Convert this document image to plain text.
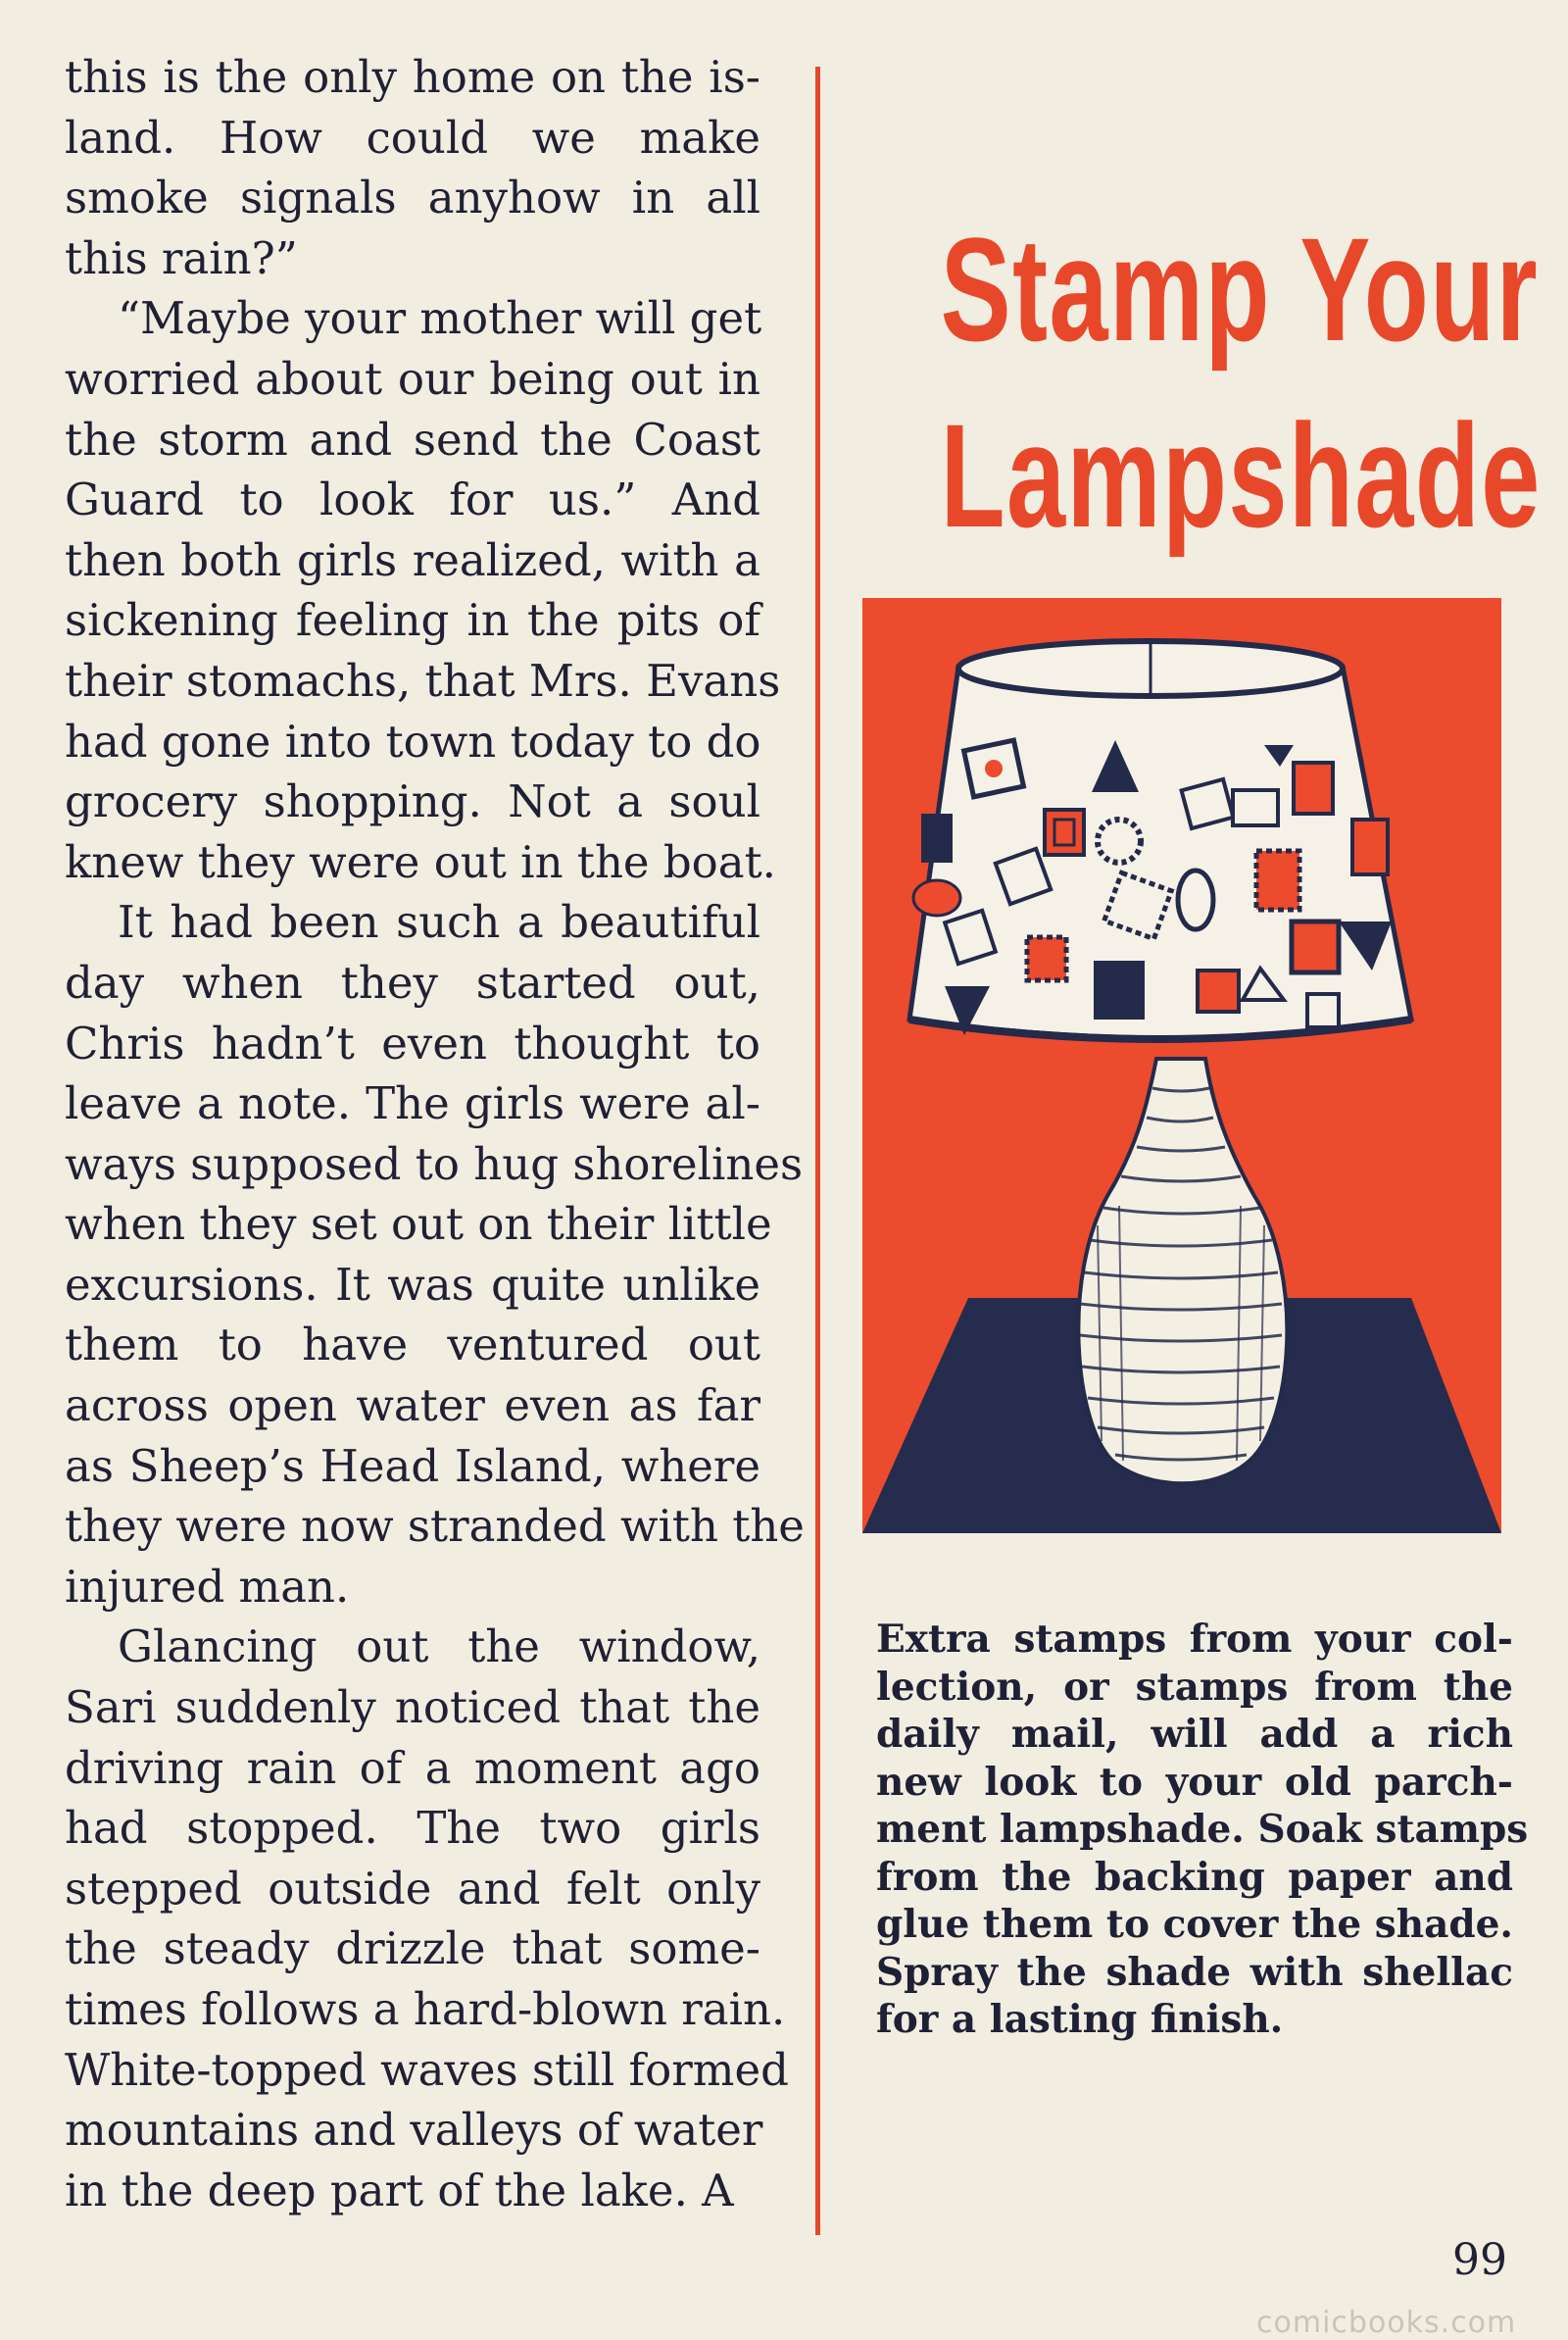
this is the only home on the is-
land. How could we make
smoke signals anyhow in all
this rain?”

“Maybe your mother will get
worried about our being out in
the storm and send the Coast
Guard to look for us.” And
then both girls realized, with a
sickening feeling in the pits of
their stomachs, that Mrs. Evans
had gone into town today to do
grocery shopping. Not a soul
knew they were out in the boat.

It had been such a beautiful
day when they started out,
Chris hadn’t even thought to
leave a note. The girls were al-
ways supposed to hug shorelines
when they set out on their little
excursions. It was quite unlike
them to have ventured out
across open water even as far
as Sheep’s Head Island, where
they were now stranded with the
injured man.

Glancing out the window,
Sari suddenly noticed that the
driving rain of a moment ago
had stopped. The two girls
stepped outside and felt only
the steady drizzle that some-
times follows a hard-blown rain.
White-topped waves still formed
mountains and valleys of water
in the deep part of the lake. A

Stamp Your
Lampshade
Extra stamps from your col-
lection, or stamps from the
daily mail, will add a rich
new look to your old parch-
ment lampshade. Soak stamps
from the backing paper and
glue them to cover the shade.
Spray the shade with shellac
for a lasting finish.
99
comicbooks.com
